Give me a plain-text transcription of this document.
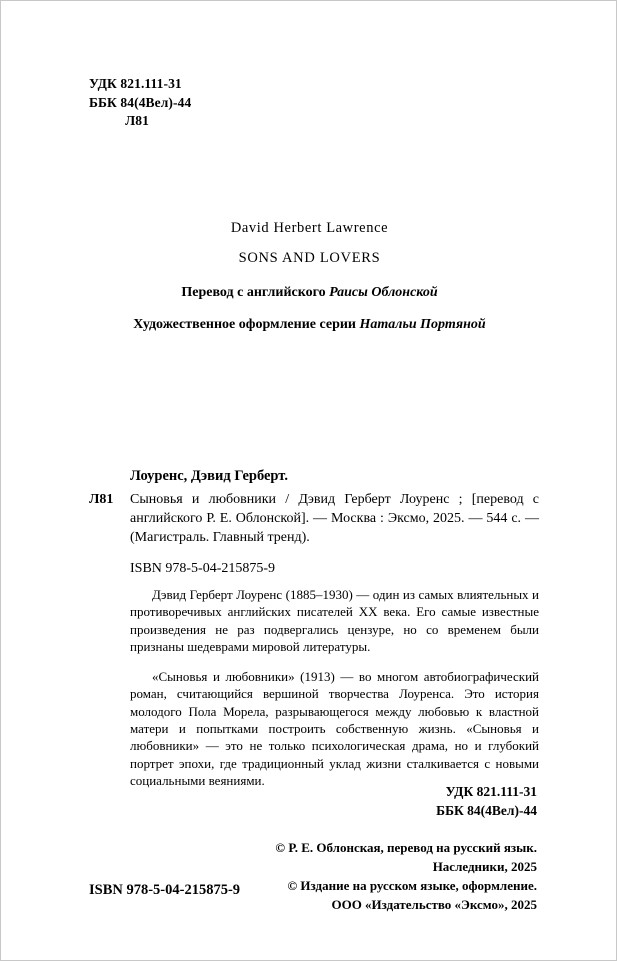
УДК 821.111-31
ББК 84(4Вел)-44
Л81
David Herbert Lawrence
SONS AND LOVERS
Перевод с английского Раисы Облонской
Художественное оформление серии Натальи Портяной
Лоуренс, Дэвид Герберт.
Л81 Сыновья и любовники / Дэвид Герберт Лоуренс ; [перевод с английского Р. Е. Облонской]. — Москва : Эксмо, 2025. — 544 с. — (Магистраль. Главный тренд).
ISBN 978-5-04-215875-9

Дэвид Герберт Лоуренс (1885–1930) — один из самых влиятельных и противоречивых английских писателей XX века. Его самые известные произведения не раз подвергались цензуре, но со временем были признаны шедеврами мировой литературы.

«Сыновья и любовники» (1913) — во многом автобиографический роман, считающийся вершиной творчества Лоуренса. Это история молодого Пола Морела, разрывающегося между любовью к властной матери и попытками построить собственную жизнь. «Сыновья и любовники» — это не только психологическая драма, но и глубокий портрет эпохи, где традиционный уклад жизни сталкивается с новыми социальными веяниями.

УДК 821.111-31
ББК 84(4Вел)-44
© Р. Е. Облонская, перевод на русский язык.
Наследники, 2025
© Издание на русском языке, оформление.
ООО «Издательство «Эксмо», 2025
ISBN 978-5-04-215875-9
